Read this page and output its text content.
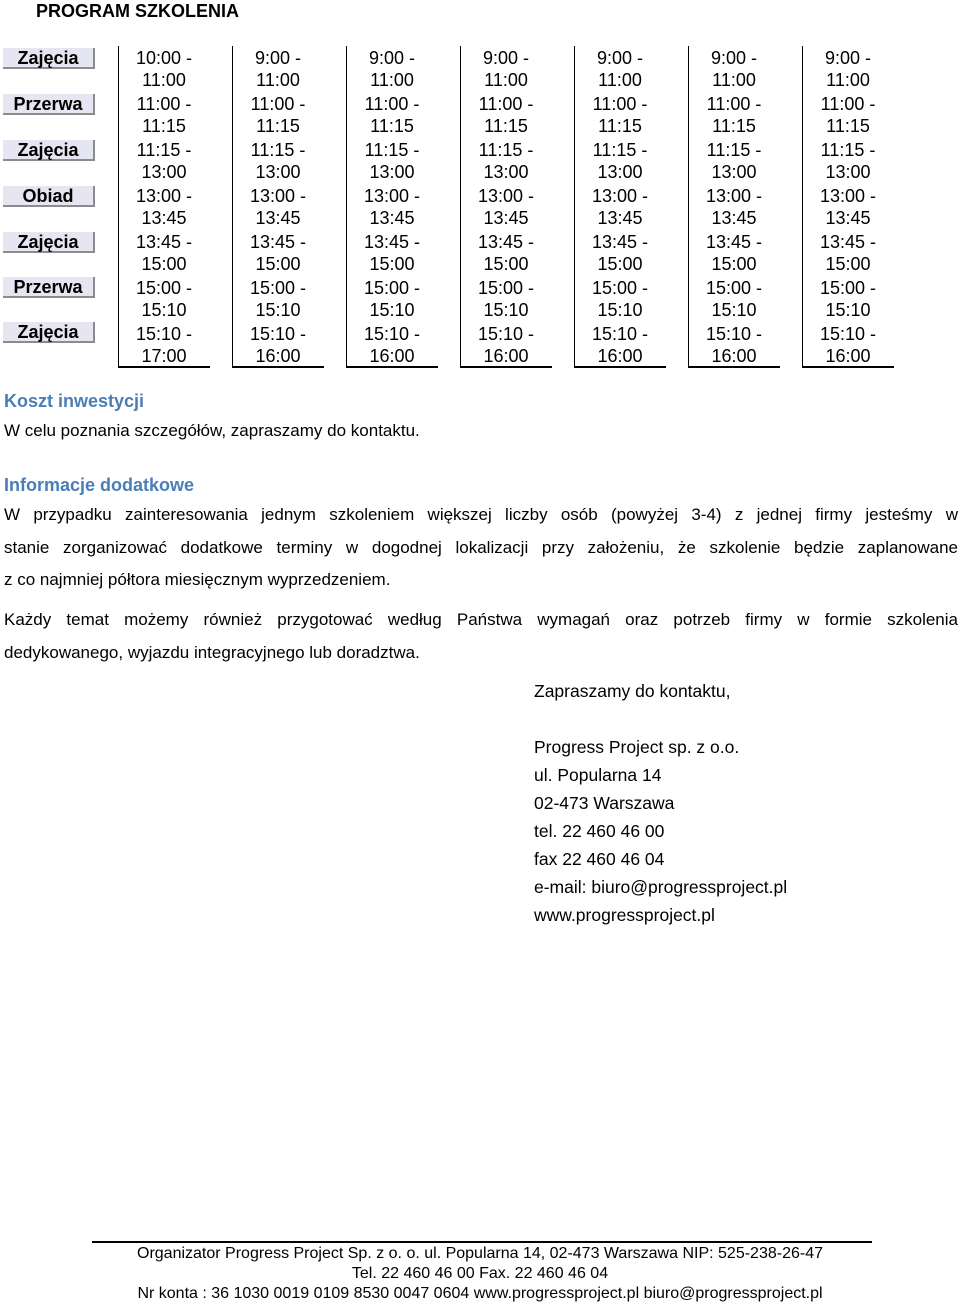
PROGRAM SZKOLENIA
Zajęcia
Przerwa
Zajęcia
Obiad
Zajęcia
Przerwa
Zajęcia
10:00 -
11:00
11:00 -
11:15
11:15 -
13:00
13:00 -
13:45
13:45 -
15:00
15:00 -
15:10
15:10 -
17:00
9:00 -
11:00
11:00 -
11:15
11:15 -
13:00
13:00 -
13:45
13:45 -
15:00
15:00 -
15:10
15:10 -
16:00
9:00 -
11:00
11:00 -
11:15
11:15 -
13:00
13:00 -
13:45
13:45 -
15:00
15:00 -
15:10
15:10 -
16:00
9:00 -
11:00
11:00 -
11:15
11:15 -
13:00
13:00 -
13:45
13:45 -
15:00
15:00 -
15:10
15:10 -
16:00
9:00 -
11:00
11:00 -
11:15
11:15 -
13:00
13:00 -
13:45
13:45 -
15:00
15:00 -
15:10
15:10 -
16:00
9:00 -
11:00
11:00 -
11:15
11:15 -
13:00
13:00 -
13:45
13:45 -
15:00
15:00 -
15:10
15:10 -
16:00
9:00 -
11:00
11:00 -
11:15
11:15 -
13:00
13:00 -
13:45
13:45 -
15:00
15:00 -
15:10
15:10 -
16:00
Koszt inwestycji
W celu poznania szczegółów, zapraszamy do kontaktu.
Informacje dodatkowe
W przypadku zainteresowania jednym szkoleniem większej liczby osób (powyżej 3-4) z jednej firmy jesteśmy w
stanie zorganizować dodatkowe terminy w dogodnej lokalizacji przy założeniu, że szkolenie będzie zaplanowane
z co najmniej półtora miesięcznym wyprzedzeniem.
Każdy temat możemy również przygotować według Państwa wymagań oraz potrzeb firmy w formie szkolenia
dedykowanego, wyjazdu integracyjnego lub doradztwa.
Zapraszamy do kontaktu,
Progress Project sp. z o.o.
ul. Popularna 14
02-473 Warszawa
tel. 22 460 46 00
fax 22 460 46 04
e-mail: biuro@progressproject.pl
www.progressproject.pl
Organizator Progress Project Sp. z o. o. ul. Popularna 14, 02-473 Warszawa NIP: 525-238-26-47
Tel. 22 460 46 00 Fax. 22 460 46 04
Nr konta : 36 1030 0019 0109 8530 0047 0604 www.progressproject.pl biuro@progressproject.pl
